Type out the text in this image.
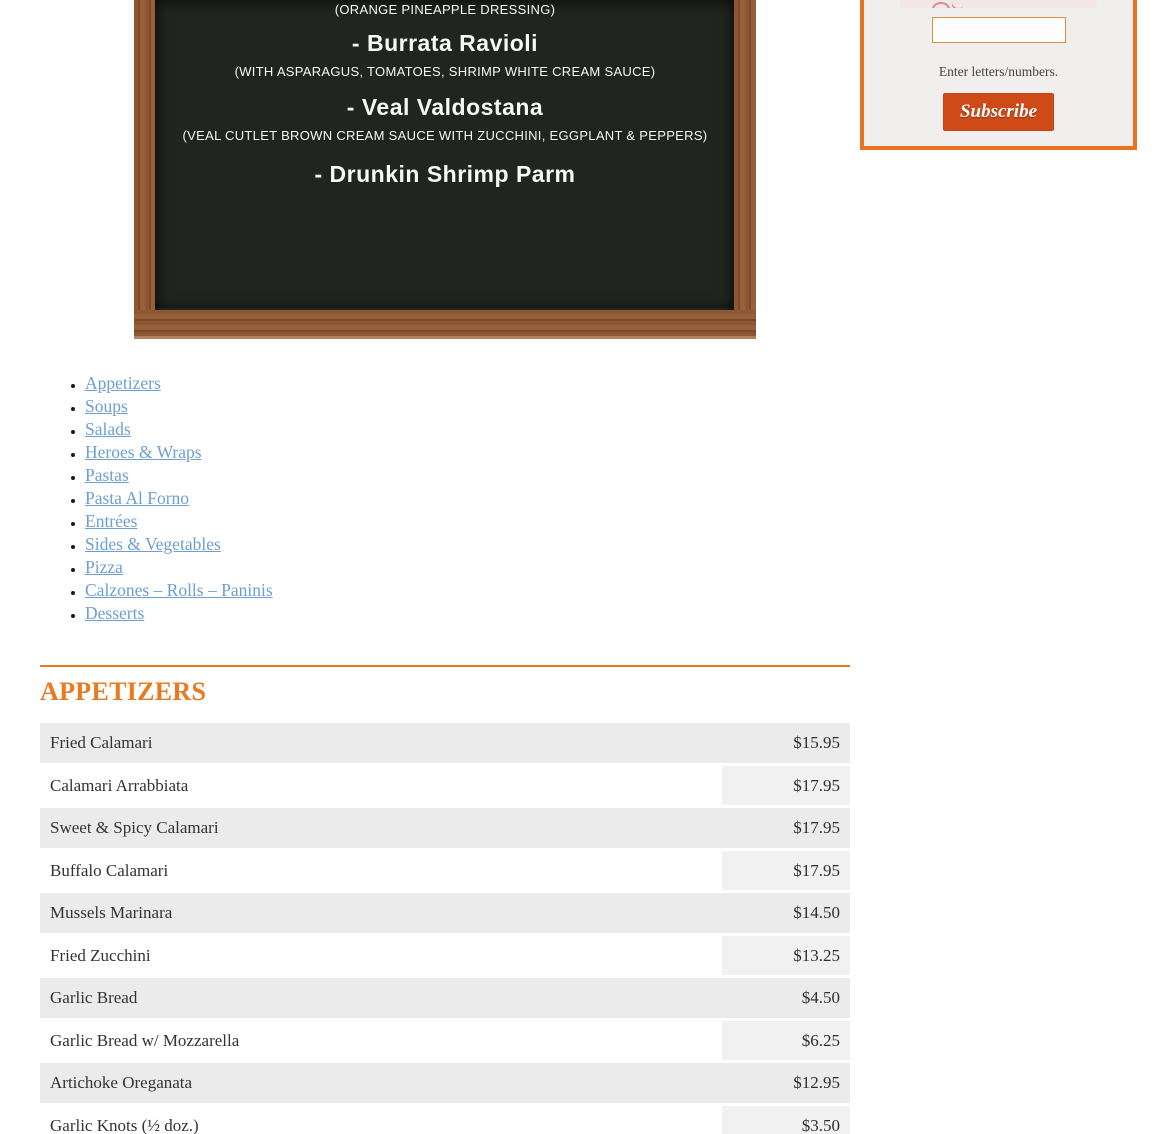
(ORANGE PINEAPPLE DRESSING)

- Burrata Ravioli

(WITH ASPARAGUS, TOMATOES, SHRIMP WHITE CREAM SAUCE)

- Veal Valdostana

(VEAL CUTLET BROWN CREAM SAUCE WITH ZUCCHINI, EGGPLANT & PEPPERS)

- Drunkin Shrimp Parm

• Appetizers
• Soups
• Salads
• Heroes & Wraps
• Pastas
• Pasta Al Forno
• Entrées
• Sides & Vegetables
• Pizza
• Calzones – Rolls – Paninis
• Desserts
APPETIZERS
Fried Calamari	$15.95
Calamari Arrabbiata	$17.95
Sweet & Spicy Calamari	$17.95
Buffalo Calamari	$17.95
Mussels Marinara	$14.50
Fried Zucchini	$13.25
Garlic Bread	$4.50
Garlic Bread w/ Mozzarella	$6.25
Artichoke Oreganata	$12.95
Garlic Knots (½ doz.)	$3.50
Enter letters/numbers.
Subscribe
